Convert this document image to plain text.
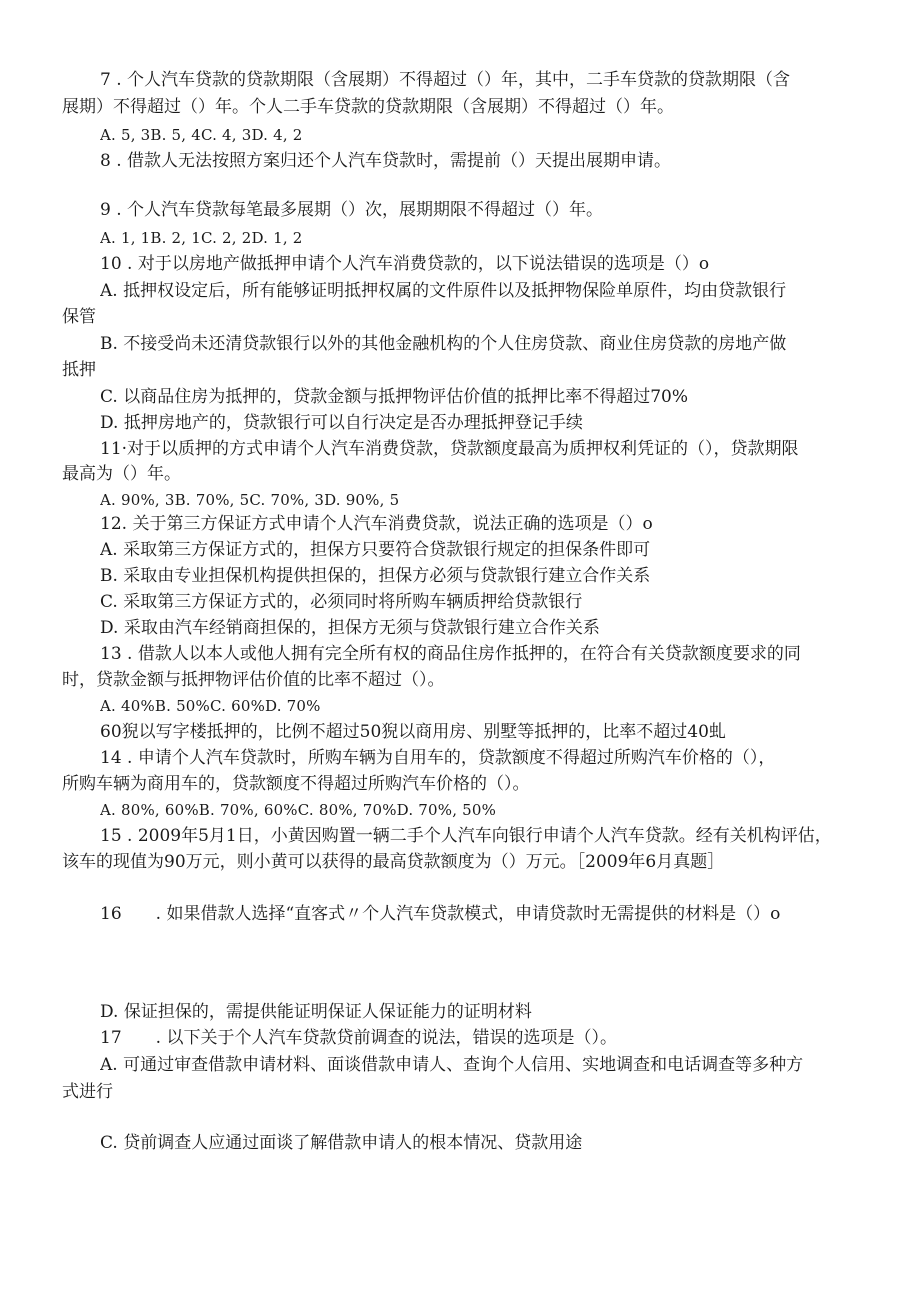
7 . 个人汽车贷款的贷款期限（含展期）不得超过（）年，其中，二手车贷款的贷款期限（含
展期）不得超过（）年。个人二手车贷款的贷款期限（含展期）不得超过（）年。
A. 5, 3B. 5, 4C. 4, 3D. 4, 2
8 . 借款人无法按照方案归还个人汽车贷款时，需提前（）天提出展期申请。
9 . 个人汽车贷款每笔最多展期（）次，展期期限不得超过（）年。
A. 1, 1B. 2, 1C. 2, 2D. 1, 2
10 . 对于以房地产做抵押申请个人汽车消费贷款的，以下说法错误的选项是（）o
A. 抵押权设定后，所有能够证明抵押权属的文件原件以及抵押物保险单原件，均由贷款银行
保管
B. 不接受尚未还清贷款银行以外的其他金融机构的个人住房贷款、商业住房贷款的房地产做
抵押
C. 以商品住房为抵押的，贷款金额与抵押物评估价值的抵押比率不得超过70%
D. 抵押房地产的，贷款银行可以自行决定是否办理抵押登记手续
11·对于以质押的方式申请个人汽车消费贷款，贷款额度最高为质押权利凭证的（），贷款期限
最高为（）年。
A. 90%, 3B. 70%, 5C. 70%, 3D. 90%, 5
12. 关于第三方保证方式申请个人汽车消费贷款，说法正确的选项是（）o
A. 采取第三方保证方式的，担保方只要符合贷款银行规定的担保条件即可
B. 采取由专业担保机构提供担保的，担保方必须与贷款银行建立合作关系
C. 采取第三方保证方式的，必须同时将所购车辆质押给贷款银行
D. 采取由汽车经销商担保的，担保方无须与贷款银行建立合作关系
13 . 借款人以本人或他人拥有完全所有权的商品住房作抵押的，在符合有关贷款额度要求的同
时，贷款金额与抵押物评估价值的比率不超过（）。
A. 40%B. 50%C. 60%D. 70%
60猊以写字楼抵押的，比例不超过50猊以商用房、别墅等抵押的，比率不超过40虬
14 . 申请个人汽车贷款时，所购车辆为自用车的，贷款额度不得超过所购汽车价格的（），
所购车辆为商用车的，贷款额度不得超过所购汽车价格的（）。
A. 80%, 60%B. 70%, 60%C. 80%, 70%D. 70%, 50%
15 . 2009年5月1日，小黄因购置一辆二手个人汽车向银行申请个人汽车贷款。经有关机构评估，
该车的现值为90万元，则小黄可以获得的最高贷款额度为（）万元。［2009年6月真题］
16　　. 如果借款人选择“直客式〃个人汽车贷款模式，申请贷款时无需提供的材料是（）o
D. 保证担保的，需提供能证明保证人保证能力的证明材料
17　　. 以下关于个人汽车贷款贷前调查的说法，错误的选项是（）。
A. 可通过审查借款申请材料、面谈借款申请人、查询个人信用、实地调查和电话调查等多种方
式进行
C. 贷前调查人应通过面谈了解借款申请人的根本情况、贷款用途
